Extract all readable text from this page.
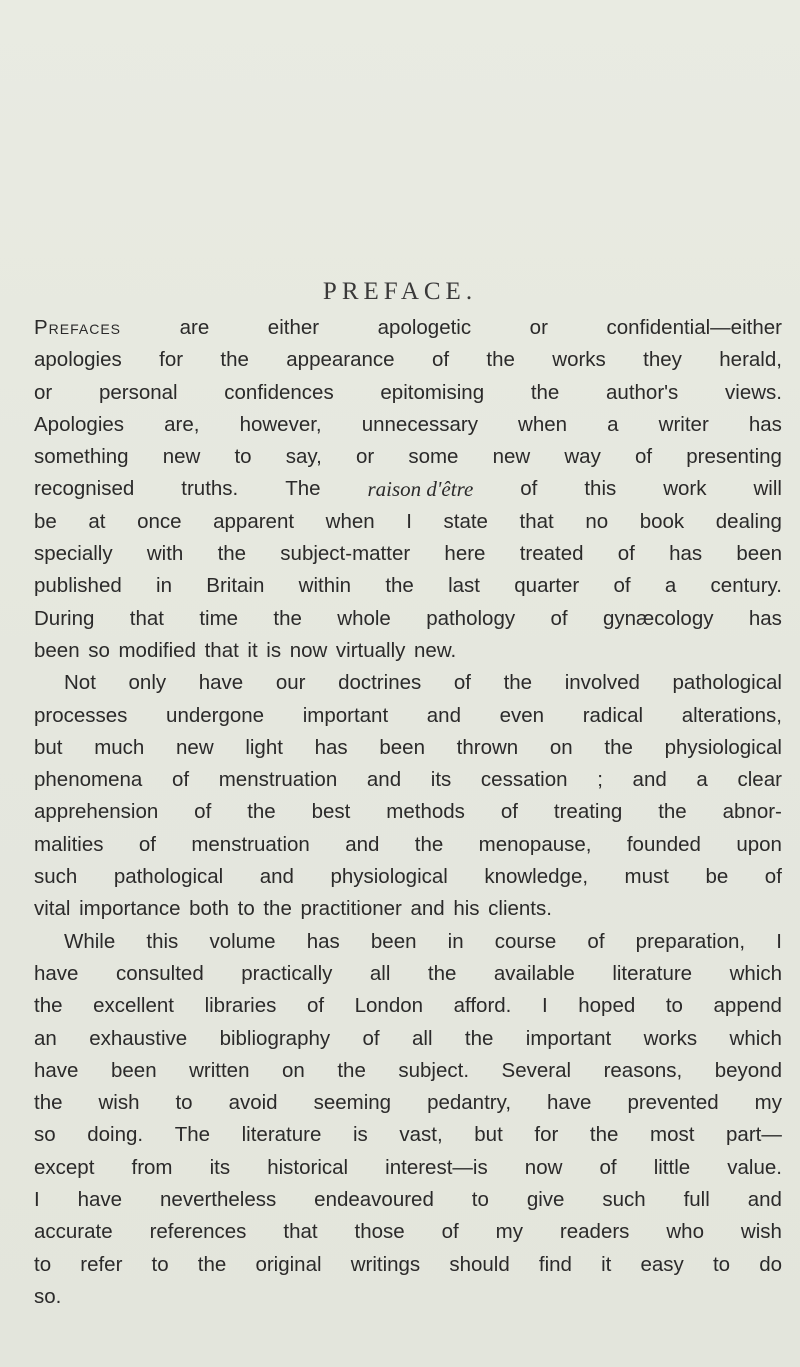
PREFACE.
Prefaces	are	either	apologetic	or	confidential—either
apologies for the appearance of the works they herald,
or personal confidences epitomising the author's views.
Apologies are, however, unnecessary when a writer has
something new to say, or some new way of presenting
recognised truths. The raison d'être of this work will
be at once apparent when I state that no book dealing
specially with the subject-matter here treated of has been
published in Britain within the last quarter of a century.
During that time the whole pathology of gynæcology has
been so modified that it is now virtually new.
Not only have our doctrines of the involved pathological
processes undergone important and even radical alterations,
but much new light has been thrown on the physiological
phenomena of menstruation and its cessation ; and a clear
apprehension of the best methods of treating the abnor-
malities of menstruation and the menopause, founded upon
such pathological and physiological knowledge, must be of
vital importance both to the practitioner and his clients.
While this volume has been in course of preparation, I
have consulted practically all the available literature which
the excellent libraries of London afford. I hoped to append
an exhaustive bibliography of all the important works which
have been written on the subject. Several reasons, beyond
the wish to avoid seeming pedantry, have prevented my
so doing. The literature is vast, but for the most part—
except from its historical interest—is now of little value.
I have nevertheless endeavoured to give such full and
accurate references that those of my readers who wish
to refer to the original writings should find it easy to do
so.
